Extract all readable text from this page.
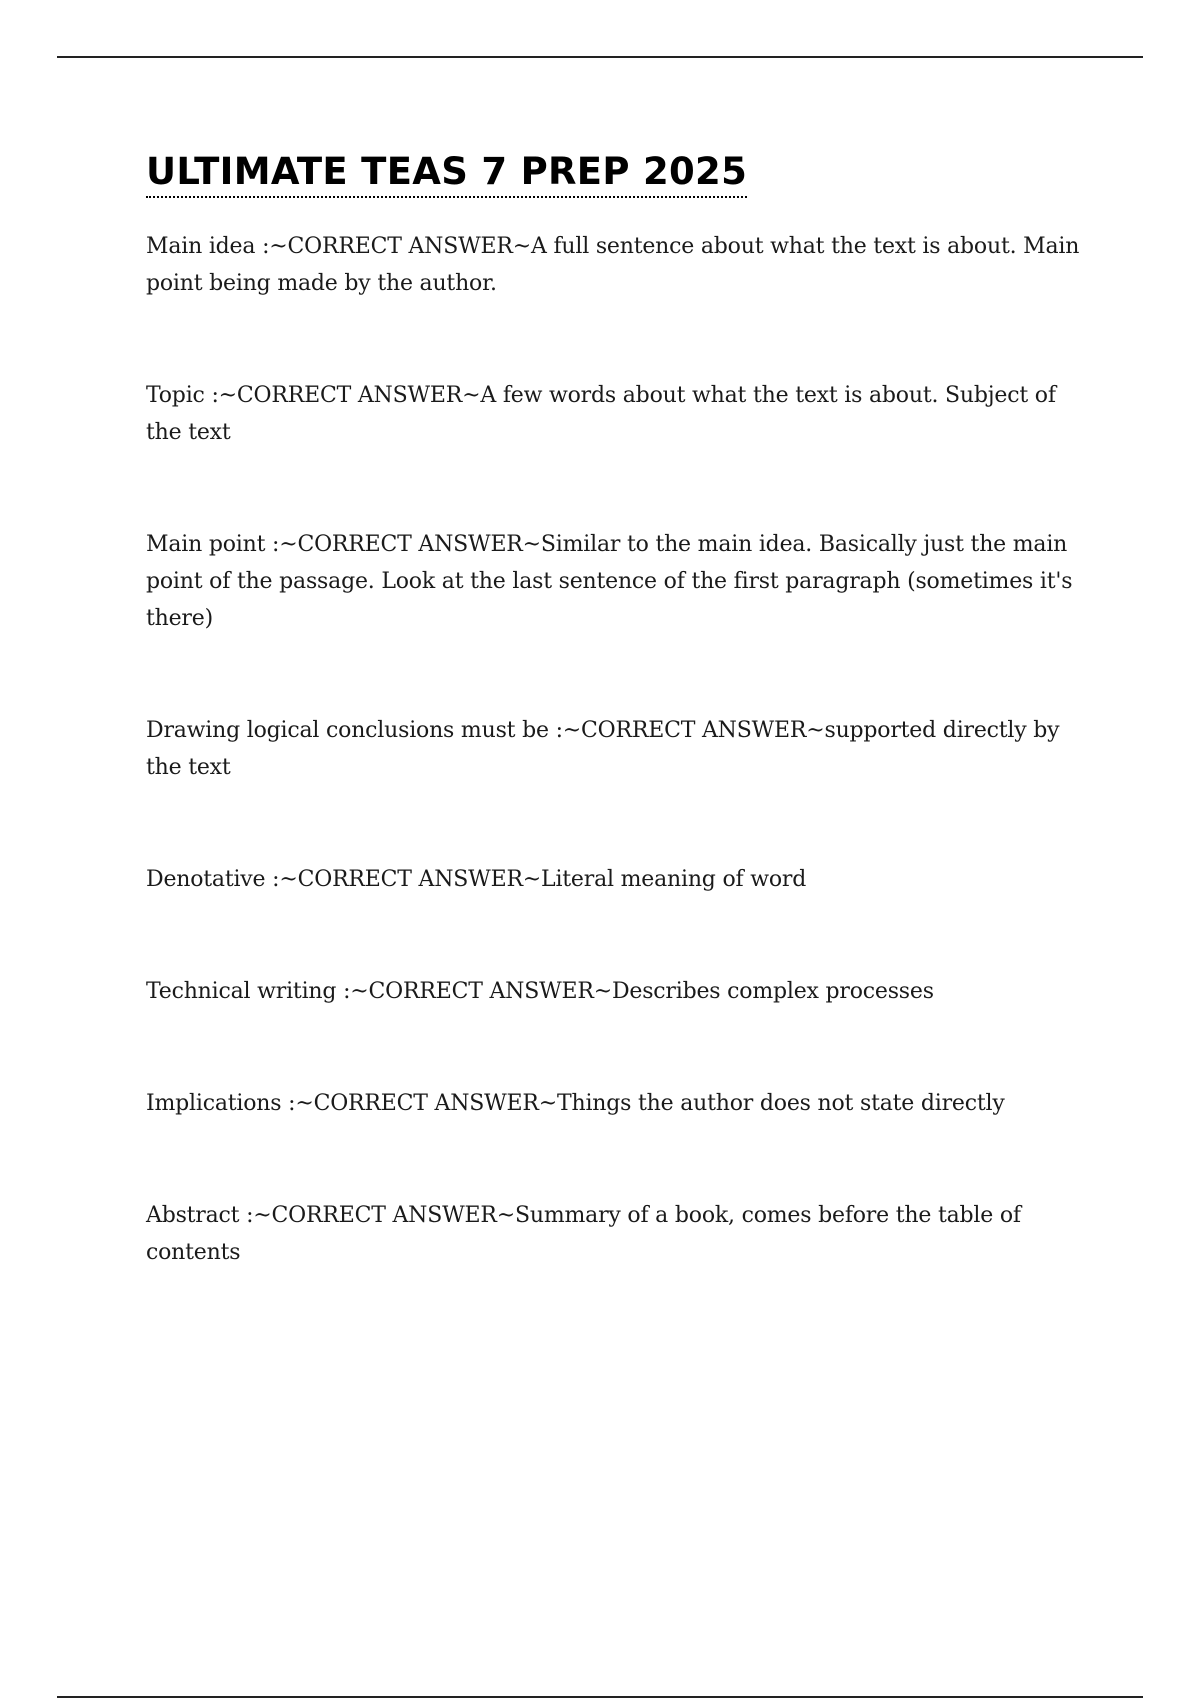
ULTIMATE TEAS 7 PREP 2025
Main idea:~CORRECT ANSWER~A full sentence about what the text is about. Main point being made by the author.
Topic:~CORRECT ANSWER~A few words about what the text is about. Subject of the text
Main point:~CORRECT ANSWER~Similar to the main idea. Basically just the main point of the passage. Look at the last sentence of the first paragraph (sometimes it's there)
Drawing logical conclusions must be:~CORRECT ANSWER~supported directly by the text
Denotative:~CORRECT ANSWER~Literal meaning of word
Technical writing:~CORRECT ANSWER~Describes complex processes
Implications:~CORRECT ANSWER~Things the author does not state directly
Abstract:~CORRECT ANSWER~Summary of a book, comes before the table of contents
